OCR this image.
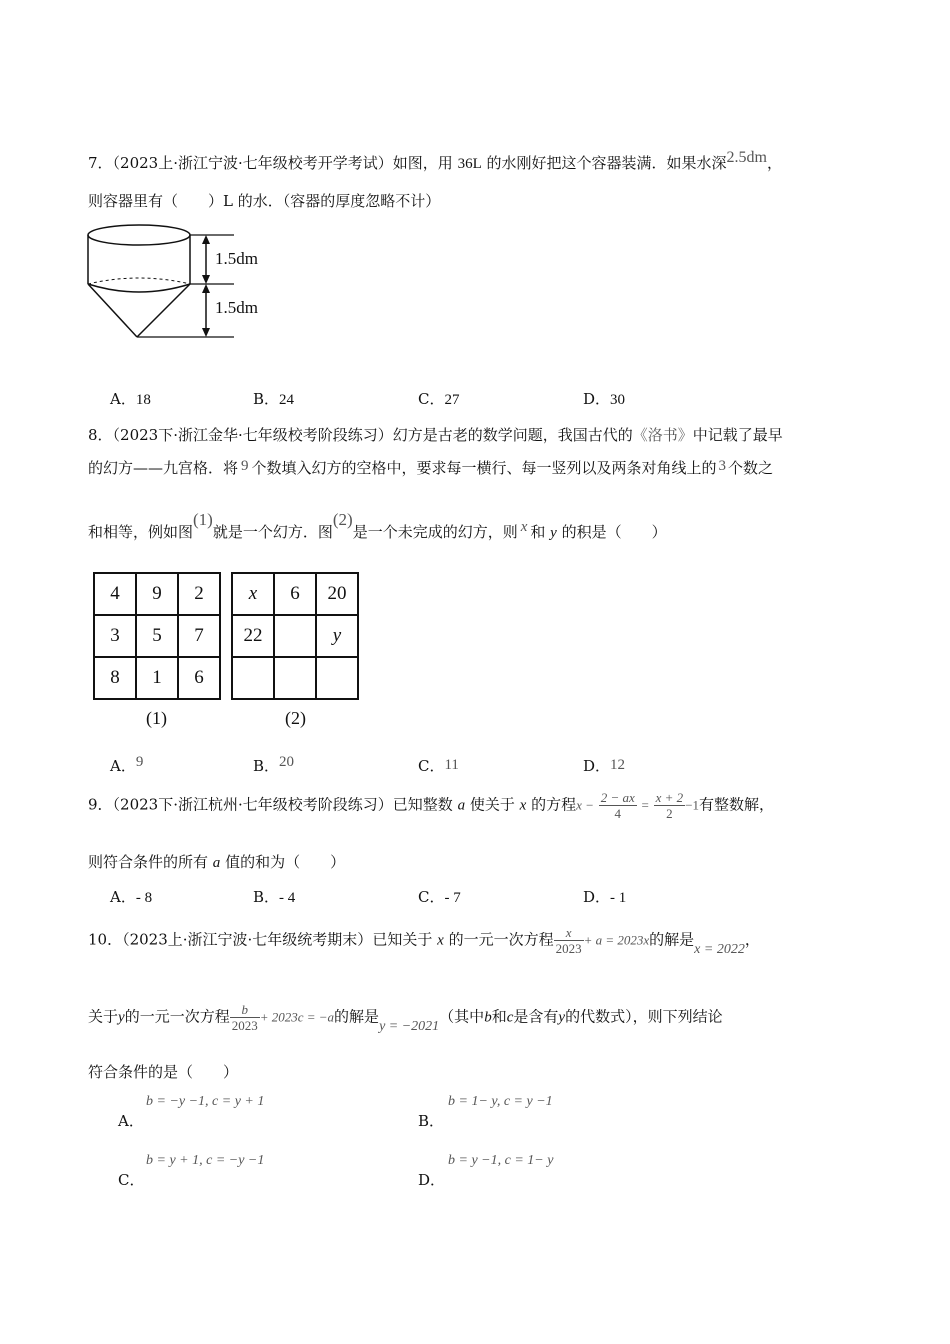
7．（2023上·浙江宁波·七年级校考开学考试）如图，用 36L 的水刚好把这个容器装满．如果水深2.5dm，
则容器里有（　　）L 的水．（容器的厚度忽略不计）
1.5dm
1.5dm
A．18	B．24	C．27	D．30
8．（2023下·浙江金华·七年级校考阶段练习）幻方是古老的数学问题，我国古代的《洛书》中记载了最早
的幻方——九宫格．将 9 个数填入幻方的空格中，要求每一横行、每一竖列以及两条对角线上的 3 个数之
和相等，例如图(1)就是一个幻方．图(2)是一个未完成的幻方，则 x 和 y 的积是（　　）
4	9	2
3	5	7
8	1	6
(1)
x	6	20
22		y

(2)
A．9	B．20	C．11	D．12
9．（2023下·浙江杭州·七年级校考阶段练习）已知整数 a 使关于 x 的方程$x - \frac{2 - ax}{4} = \frac{x + 2}{2} -1$有整数解，
则符合条件的所有 a 值的和为（　　）
A．- 8	B．- 4	C．- 7	D．- 1
10．（2023上·浙江宁波·七年级统考期末）已知关于 x 的一元一次方程 $\frac{x}{2023} + a = 2023x$的解是x = 2022，
关于y的一元一次方程 $\frac{b}{2023} + 2023c = -a$的解是y = −2021（其中b和c是含有y的代数式），则下列结论
符合条件的是（　　）
b = −y −1, c = y + 1
A．
b = 1− y, c = y −1
B．
b = y + 1, c = −y −1
C．
b = y −1, c = 1− y
D．
